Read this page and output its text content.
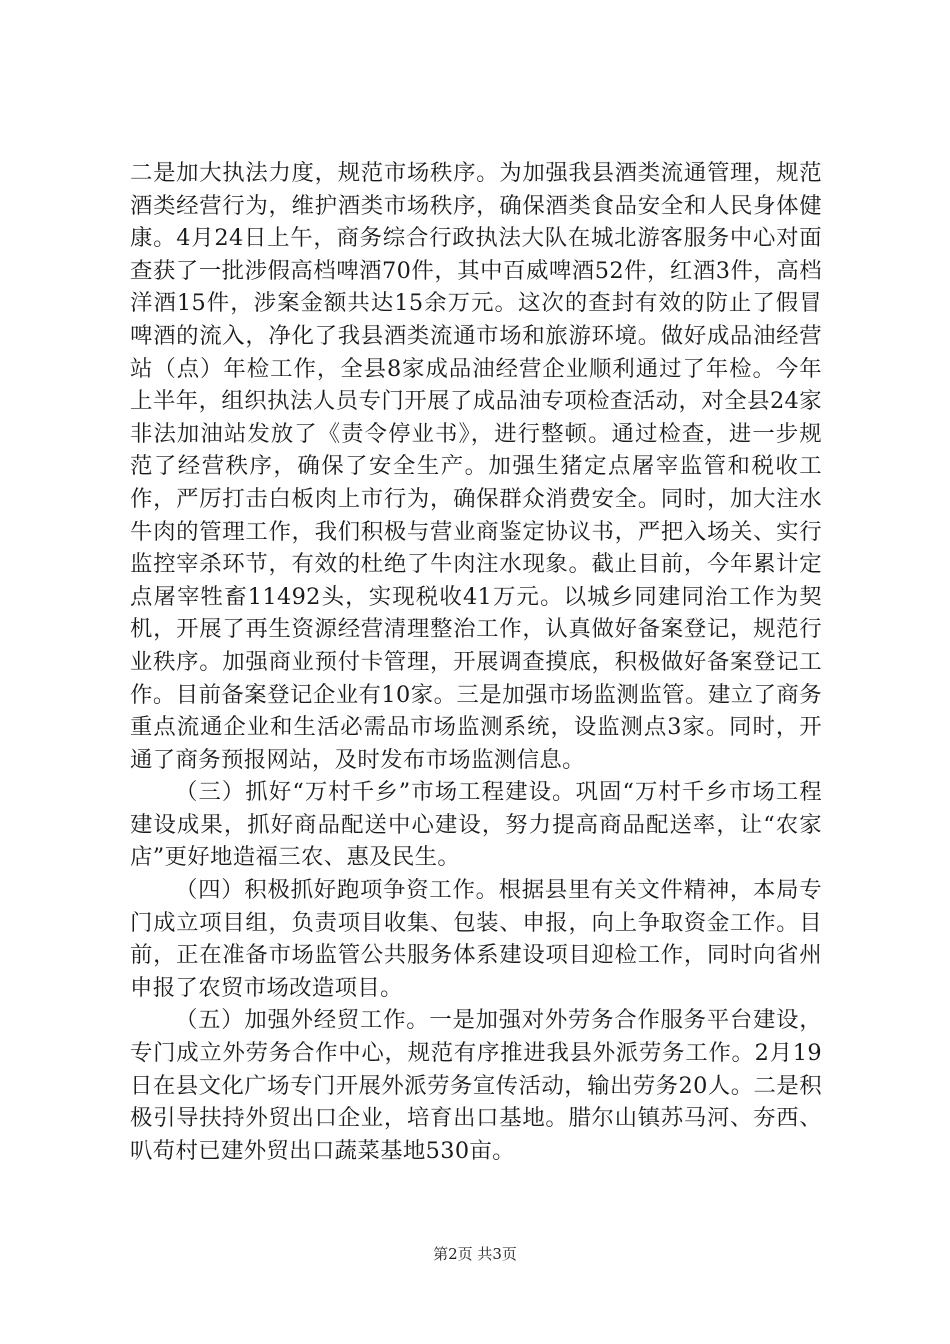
二是加大执法力度，规范市场秩序。为加强我县酒类流通管理，规范酒类经营行为，维护酒类市场秩序，确保酒类食品安全和人民身体健康。4月24日上午，商务综合行政执法大队在城北游客服务中心对面查获了一批涉假高档啤酒70件，其中百威啤酒52件，红酒3件，高档洋酒15件，涉案金额共达15余万元。这次的查封有效的防止了假冒啤酒的流入，净化了我县酒类流通市场和旅游环境。做好成品油经营站（点）年检工作，全县8家成品油经营企业顺利通过了年检。今年上半年，组织执法人员专门开展了成品油专项检查活动，对全县24家非法加油站发放了《责令停业书》，进行整顿。通过检查，进一步规范了经营秩序，确保了安全生产。加强生猪定点屠宰监管和税收工作，严厉打击白板肉上市行为，确保群众消费安全。同时，加大注水牛肉的管理工作，我们积极与营业商鉴定协议书，严把入场关、实行监控宰杀环节，有效的杜绝了牛肉注水现象。截止目前，今年累计定点屠宰牲畜11492头，实现税收41万元。以城乡同建同治工作为契机，开展了再生资源经营清理整治工作，认真做好备案登记，规范行业秩序。加强商业预付卡管理，开展调查摸底，积极做好备案登记工作。目前备案登记企业有10家。三是加强市场监测监管。建立了商务重点流通企业和生活必需品市场监测系统，设监测点3家。同时，开通了商务预报网站，及时发布市场监测信息。

（三）抓好“万村千乡”市场工程建设。巩固“万村千乡市场工程建设成果，抓好商品配送中心建设，努力提高商品配送率，让“农家店”更好地造福三农、惠及民生。

（四）积极抓好跑项争资工作。根据县里有关文件精神，本局专门成立项目组，负责项目收集、包装、申报，向上争取资金工作。目前，正在准备市场监管公共服务体系建设项目迎检工作，同时向省州申报了农贸市场改造项目。

（五）加强外经贸工作。一是加强对外劳务合作服务平台建设，专门成立外劳务合作中心，规范有序推进我县外派劳务工作。2月19日在县文化广场专门开展外派劳务宣传活动，输出劳务20人。二是积极引导扶持外贸出口企业，培育出口基地。腊尔山镇苏马河、夯西、叭苟村已建外贸出口蔬菜基地530亩。

第2页 共3页
